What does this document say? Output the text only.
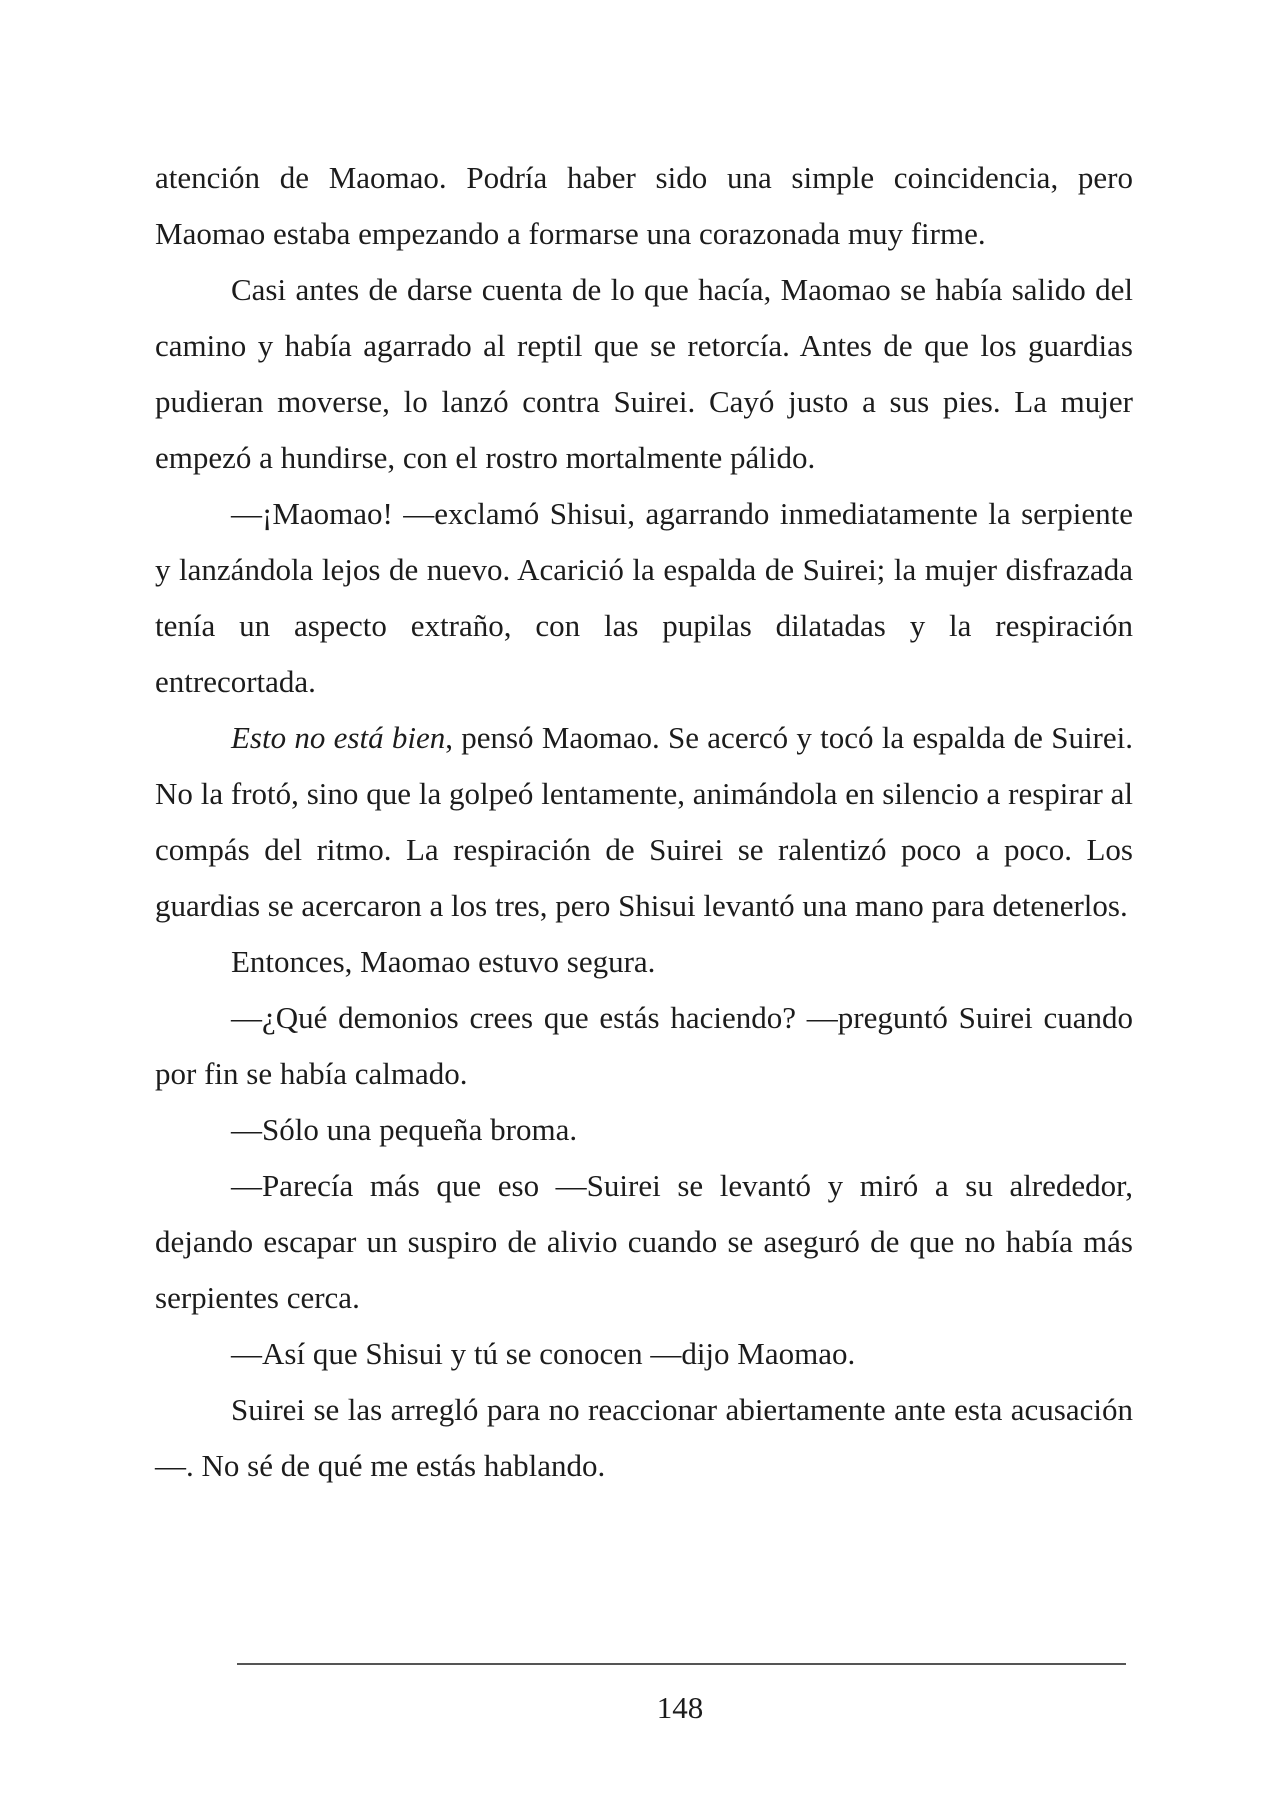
atención de Maomao. Podría haber sido una simple coincidencia, pero Maomao estaba empezando a formarse una corazonada muy firme.

Casi antes de darse cuenta de lo que hacía, Maomao se había salido del camino y había agarrado al reptil que se retorcía. Antes de que los guardias pudieran moverse, lo lanzó contra Suirei. Cayó justo a sus pies. La mujer empezó a hundirse, con el rostro mortalmente pálido.

—¡Maomao! —exclamó Shisui, agarrando inmediatamente la serpiente y lanzándola lejos de nuevo. Acarició la espalda de Suirei; la mujer disfrazada tenía un aspecto extraño, con las pupilas dilatadas y la respiración entrecortada.

Esto no está bien, pensó Maomao. Se acercó y tocó la espalda de Suirei. No la frotó, sino que la golpeó lentamente, animándola en silencio a respirar al compás del ritmo. La respiración de Suirei se ralentizó poco a poco. Los guardias se acercaron a los tres, pero Shisui levantó una mano para detenerlos.

Entonces, Maomao estuvo segura.

—¿Qué demonios crees que estás haciendo? —preguntó Suirei cuando por fin se había calmado.

—Sólo una pequeña broma.

—Parecía más que eso —Suirei se levantó y miró a su alrededor, dejando escapar un suspiro de alivio cuando se aseguró de que no había más serpientes cerca.

—Así que Shisui y tú se conocen —dijo Maomao.

Suirei se las arregló para no reaccionar abiertamente ante esta acusación—. No sé de qué me estás hablando.

148
